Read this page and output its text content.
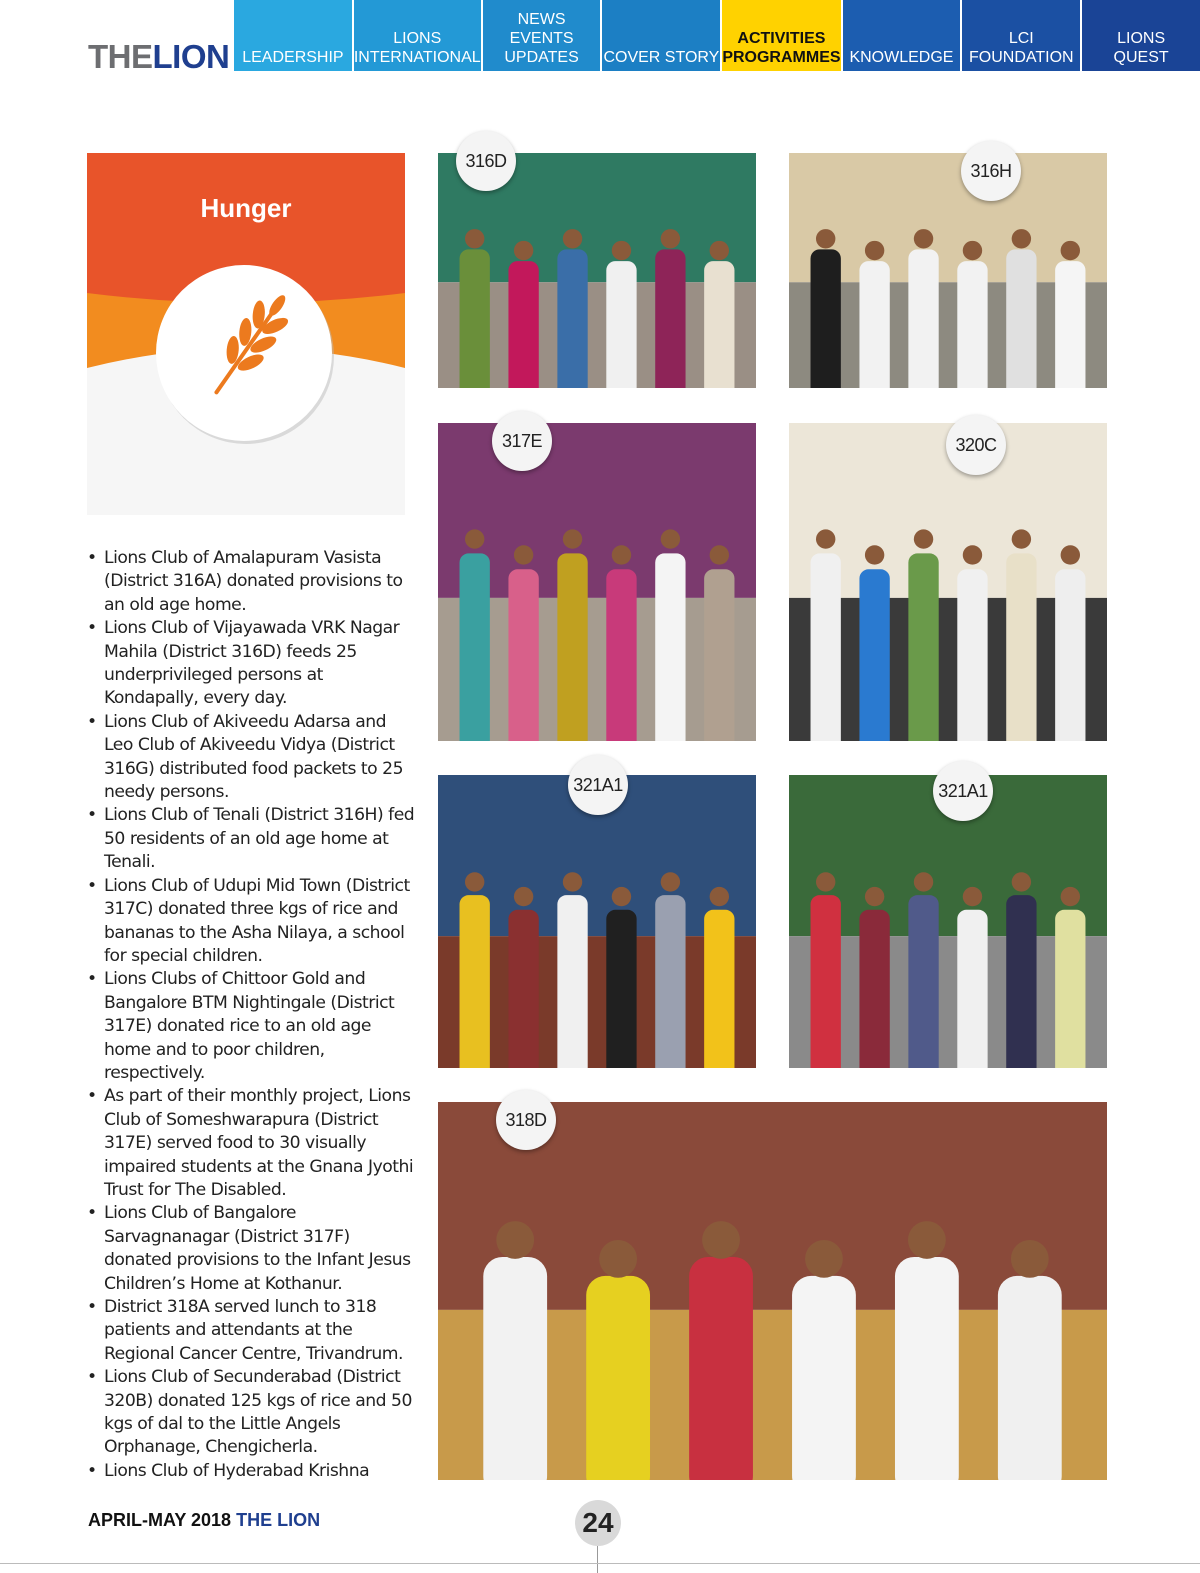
THELION LEADERSHIP
LIONS
INTERNATIONAL
NEWS
EVENTS
UPDATES	COVER STORY
ACTIVITIES
PROGRAMMES KNOWLEDGE
LCI
FOUNDATION
LIONS
QUEST
Hunger
• Lions Club of Amalapuram Vasista (District 316A) donated provisions to an old age home.
• Lions Club of Vijayawada VRK Nagar Mahila (District 316D) feeds 25 underprivileged persons at Kondapally, every day.
• Lions Club of Akiveedu Adarsa and Leo Club of Akiveedu Vidya (District 316G) distributed food packets to 25 needy persons.
• Lions Club of Tenali (District 316H) fed 50 residents of an old age home at Tenali.
• Lions Club of Udupi Mid Town (District 317C) donated three kgs of rice and bananas to the Asha Nilaya, a school for special children.
• Lions Clubs of Chittoor Gold and Bangalore BTM Nightingale (District 317E) donated rice to an old age home and to poor children, respectively.
• As part of their monthly project, Lions Club of Someshwarapura (District 317E) served food to 30 visually impaired students at the Gnana Jyothi Trust for The Disabled.
• Lions Club of Bangalore Sarvagnanagar (District 317F) donated provisions to the Infant Jesus Children’s Home at Kothanur.
• District 318A served lunch to 318 patients and attendants at the Regional Cancer Centre, Trivandrum.
• Lions Club of Secunderabad (District 320B) donated 125 kgs of rice and 50 kgs of dal to the Little Angels Orphanage, Chengicherla.
• Lions Club of Hyderabad Krishna
316D	316H
317E	320C
321A1	321A1
318D
APRIL-MAY 2018 THE LION	24
